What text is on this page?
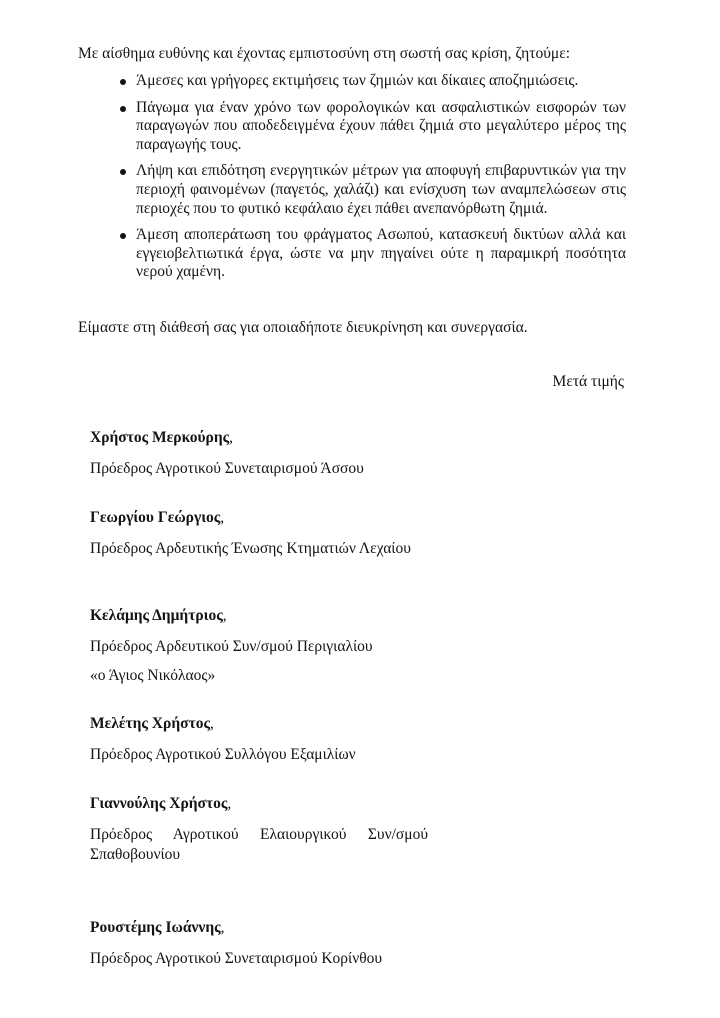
Με αίσθημα ευθύνης και έχοντας εμπιστοσύνη στη σωστή σας κρίση, ζητούμε:

Άμεσες και γρήγορες εκτιμήσεις των ζημιών και δίκαιες αποζημιώσεις.
Πάγωμα για έναν χρόνο των φορολογικών και ασφαλιστικών εισφορών των παραγωγών που αποδεδειγμένα έχουν πάθει ζημιά στο μεγαλύτερο μέρος της παραγωγής τους.
Λήψη και επιδότηση ενεργητικών μέτρων για αποφυγή επιβαρυντικών για την περιοχή φαινομένων (παγετός, χαλάζι) και ενίσχυση των αναμπελώσεων στις περιοχές που το φυτικό κεφάλαιο έχει πάθει ανεπανόρθωτη ζημιά.
Άμεση αποπεράτωση του φράγματος Ασωπού, κατασκευή δικτύων αλλά και εγγειοβελτιωτικά έργα, ώστε να μην πηγαίνει ούτε η παραμικρή ποσότητα νερού χαμένη.

Είμαστε στη διάθεσή σας για οποιαδήποτε διευκρίνηση και συνεργασία.

Μετά τιμής

Χρήστος Μερκούρης,

Πρόεδρος Αγροτικού Συνεταιρισμού Άσσου

Γεωργίου Γεώργιος,

Πρόεδρος Αρδευτικής Ένωσης Κτηματιών Λεχαίου

Κελάμης Δημήτριος,

Πρόεδρος Αρδευτικού Συν/σμού Περιγιαλίου

«ο Άγιος Νικόλαος»

Μελέτης Χρήστος,

Πρόεδρος Αγροτικού Συλλόγου Εξαμιλίων

Γιαννούλης Χρήστος,

Πρόεδρος Αγροτικού Ελαιουργικού Συν/σμού Σπαθοβουνίου

Ρουστέμης Ιωάννης,

Πρόεδρος Αγροτικού Συνεταιρισμού Κορίνθου
